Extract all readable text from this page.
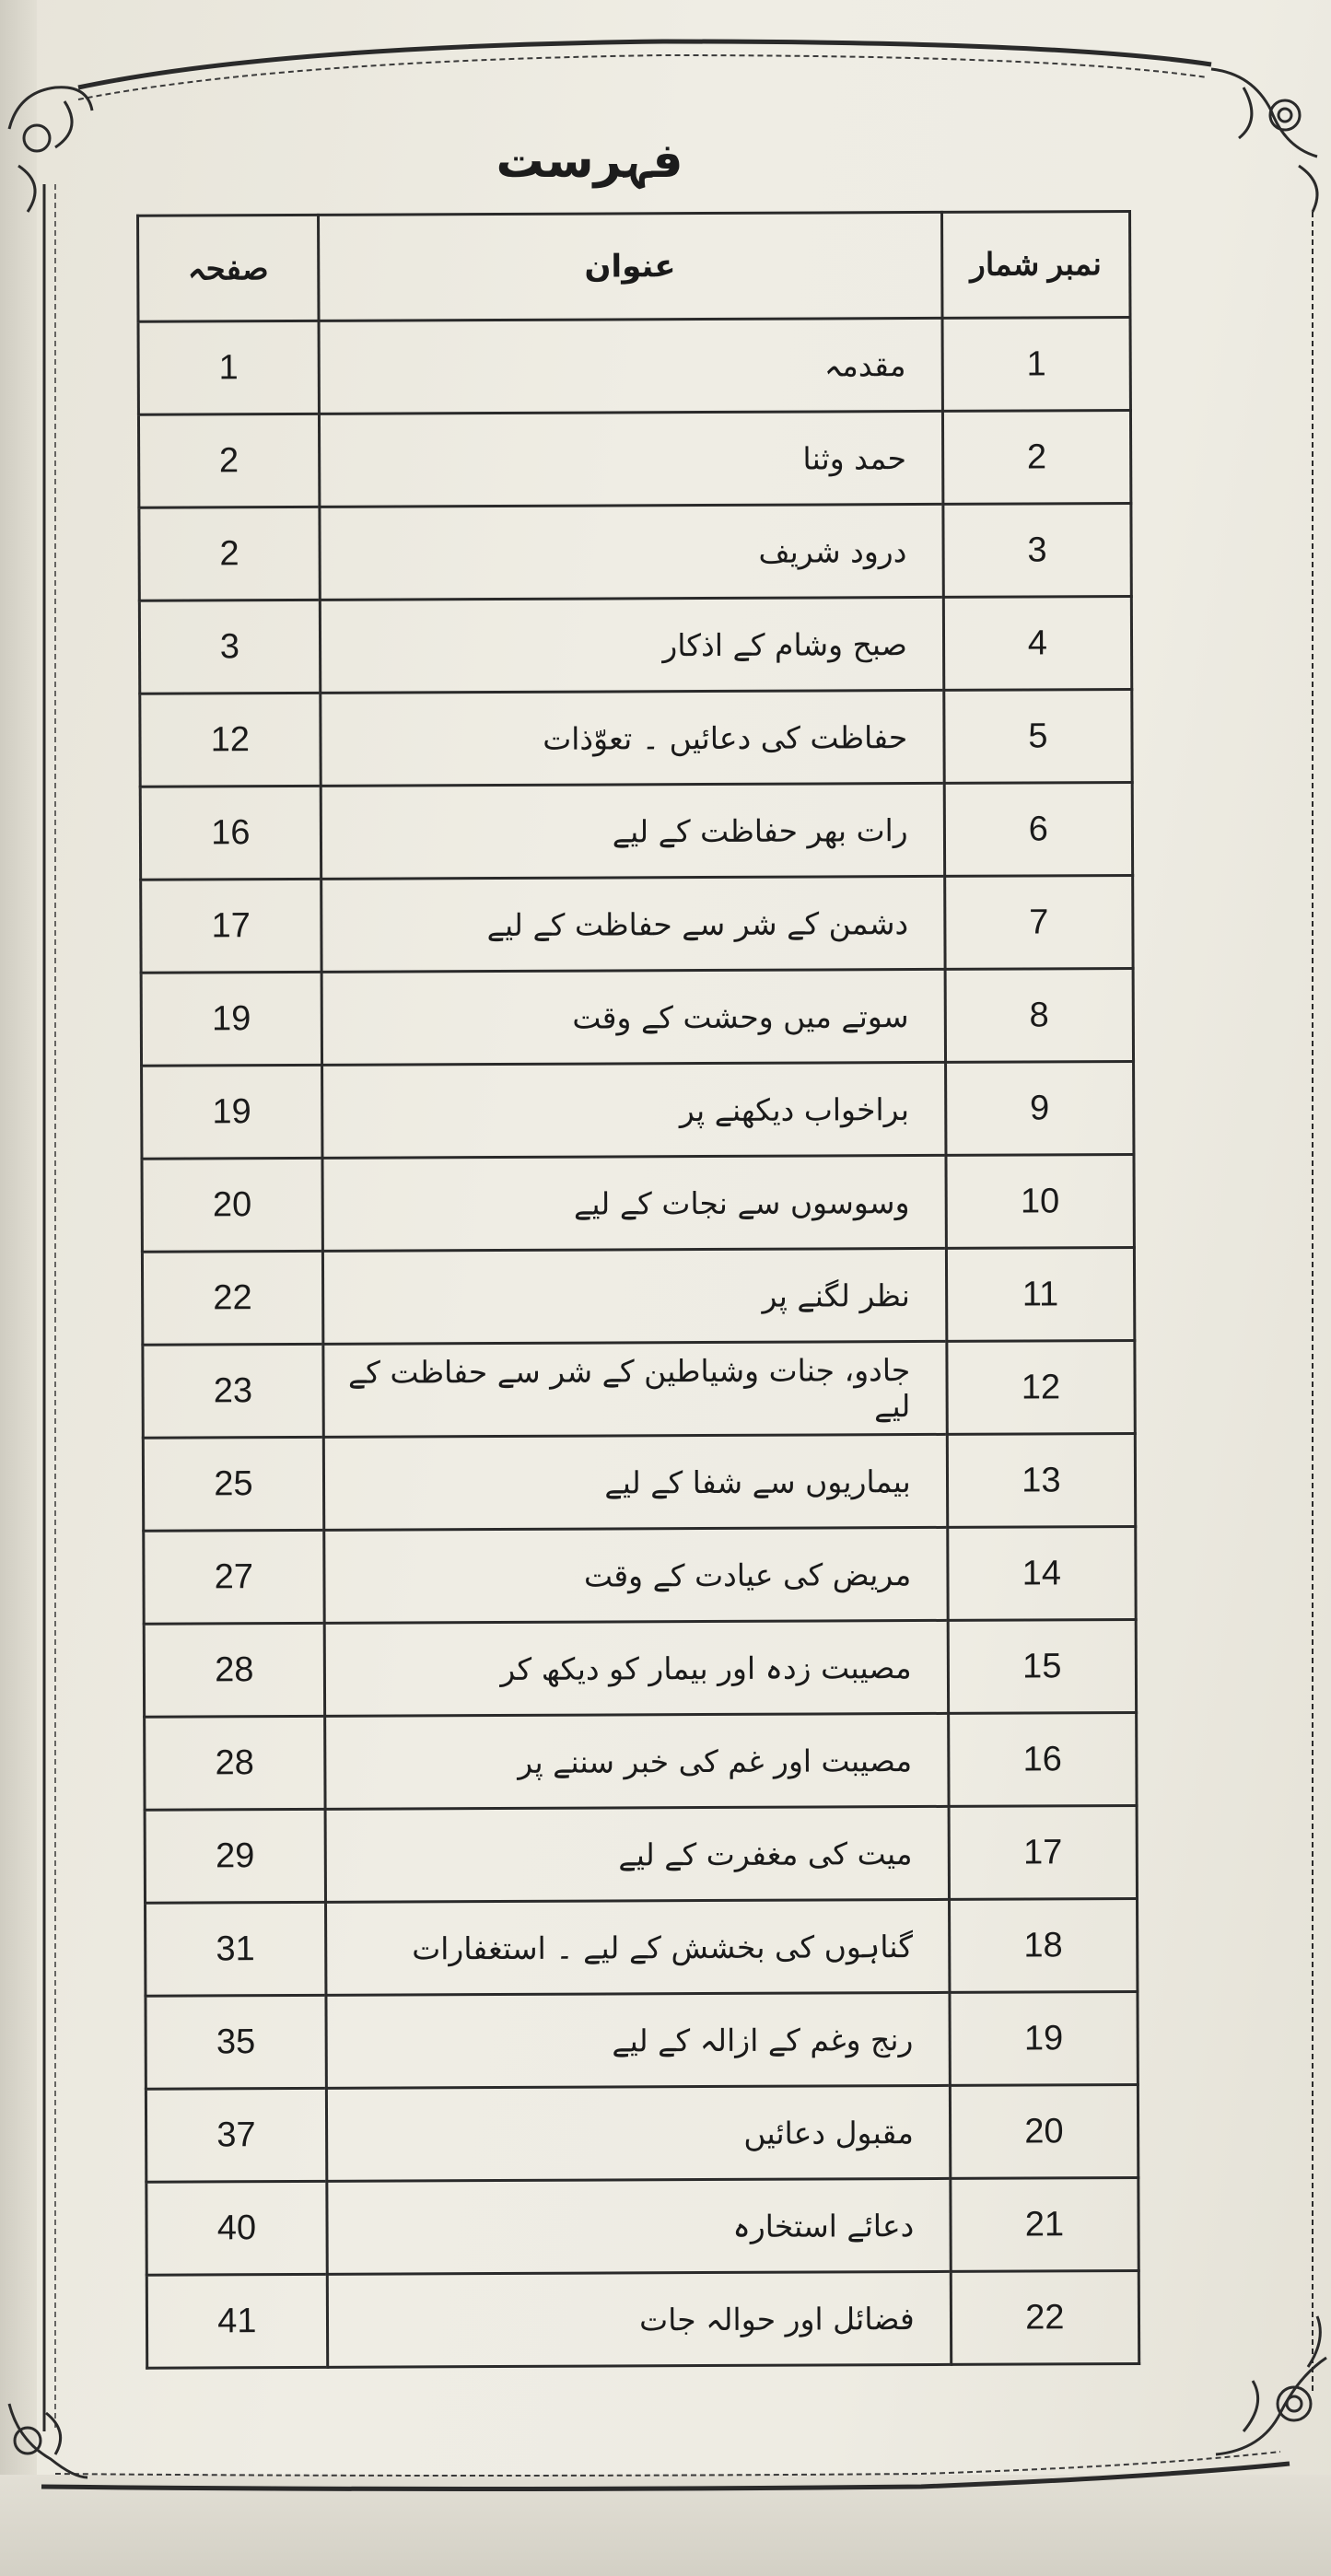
فہرست
نمبر شمار	عنوان	صفحہ
1	مقدمہ	1
2	حمد وثنا	2
3	درود شریف	2
4	صبح وشام کے اذکار	3
5	حفاظت کی دعائیں ۔ تعوّذات	12
6	رات بھر حفاظت کے لیے	16
7	دشمن کے شر سے حفاظت کے لیے	17
8	سوتے میں وحشت کے وقت	19
9	براخواب دیکھنے پر	19
10	وسوسوں سے نجات کے لیے	20
11	نظر لگنے پر	22
12	جادو، جنات وشیاطین کے شر سے حفاظت کے لیے	23
13	بیماریوں سے شفا کے لیے	25
14	مریض کی عیادت کے وقت	27
15	مصیبت زدہ اور بیمار کو دیکھ کر	28
16	مصیبت اور غم کی خبر سننے پر	28
17	میت کی مغفرت کے لیے	29
18	گناہوں کی بخشش کے لیے ۔ استغفارات	31
19	رنج وغم کے ازالہ کے لیے	35
20	مقبول دعائیں	37
21	دعائے استخارہ	40
22	فضائل اور حوالہ جات	41
